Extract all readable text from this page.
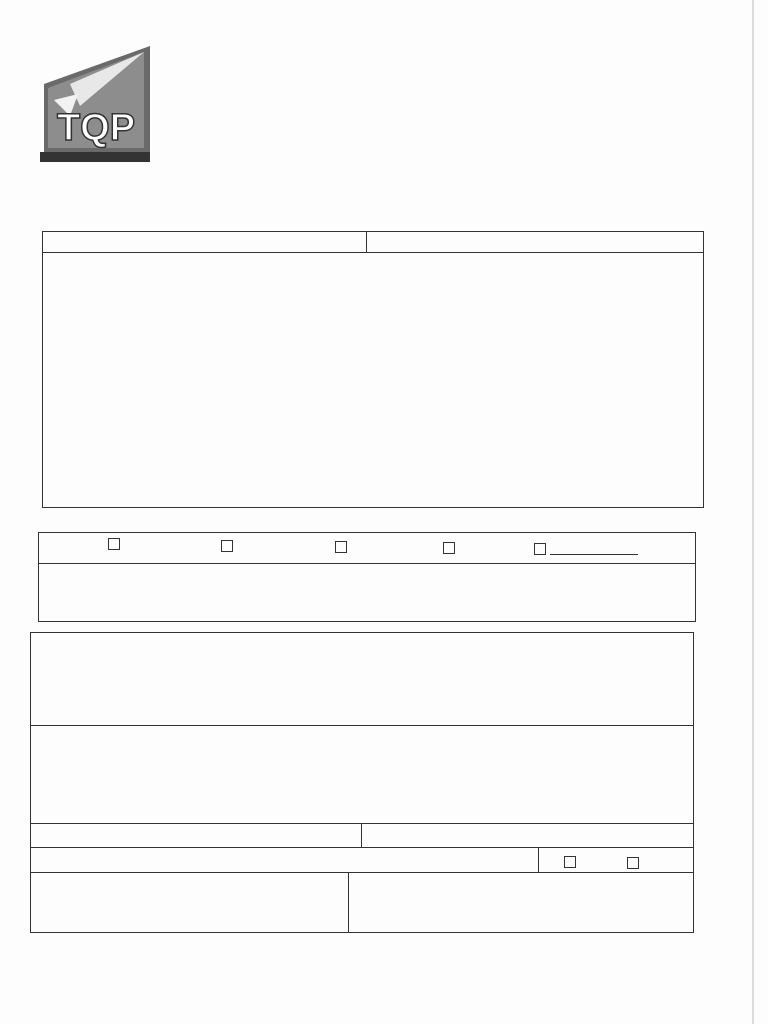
TQP
